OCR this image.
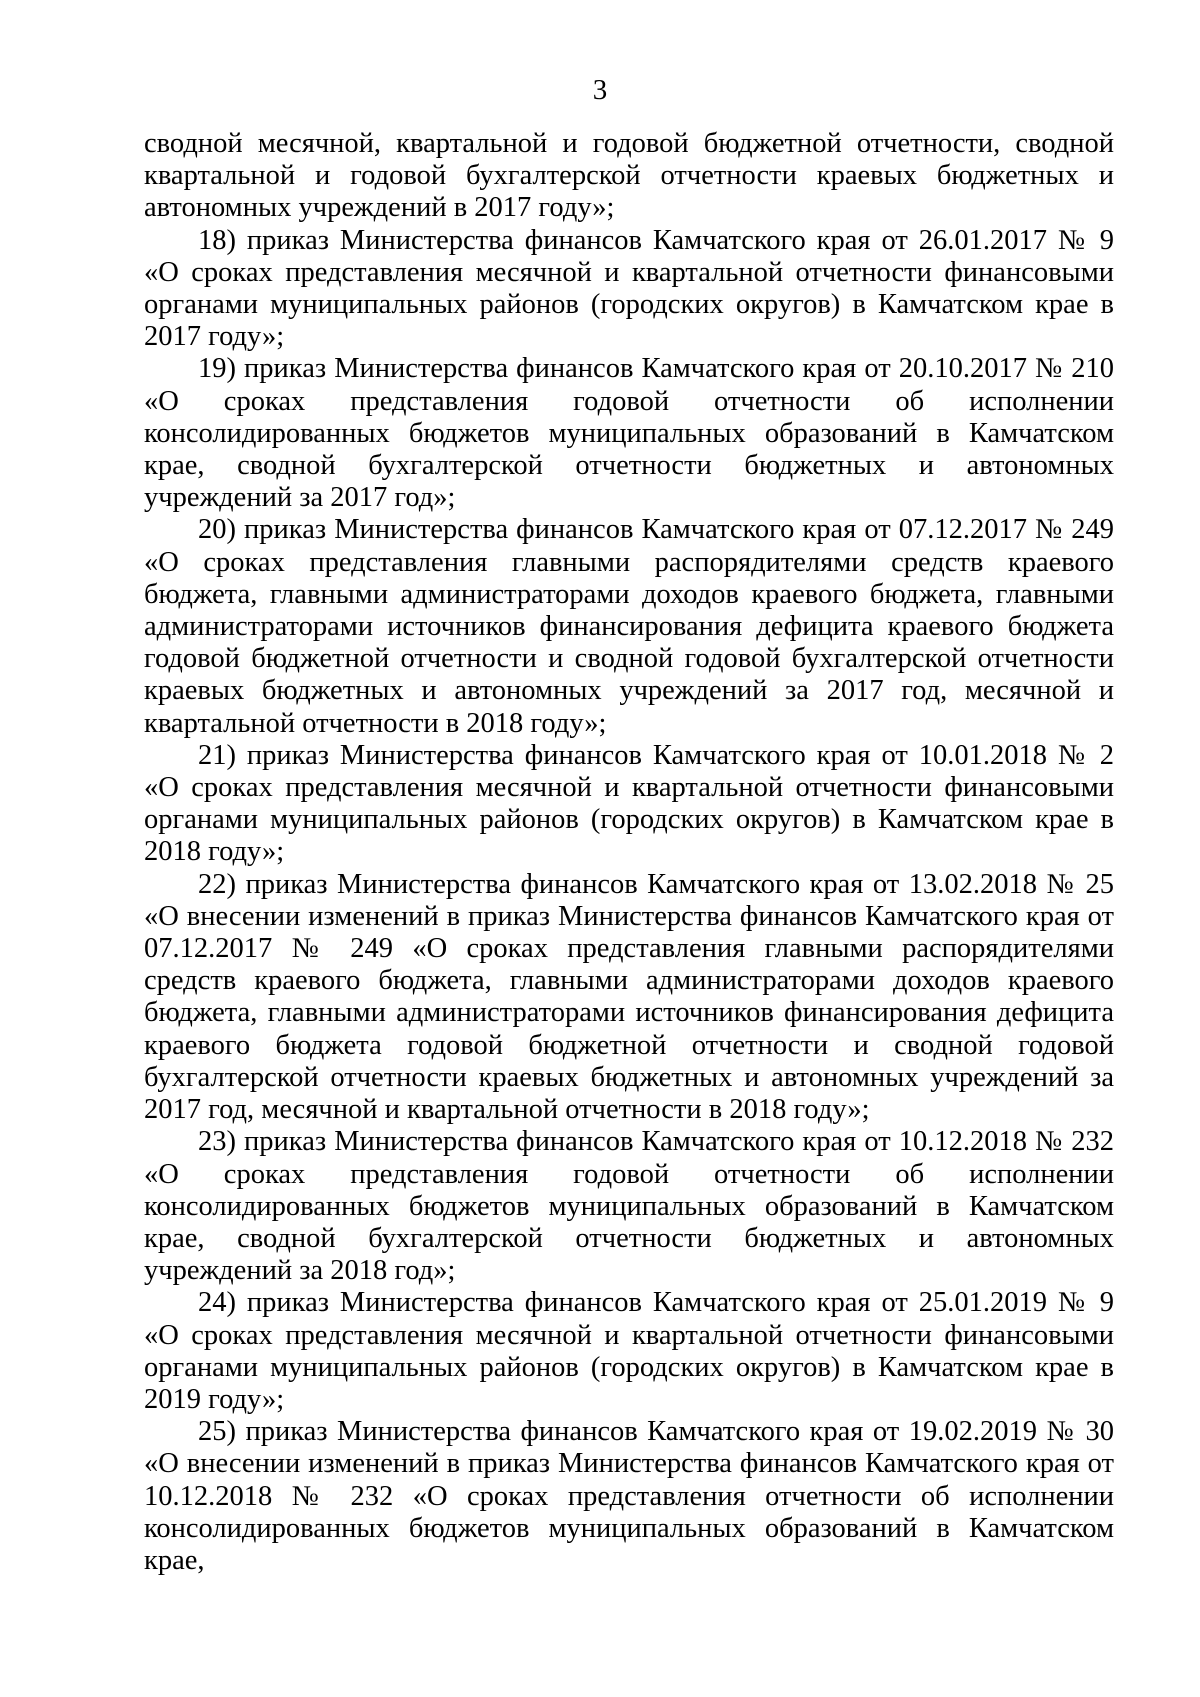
3

сводной месячной, квартальной и годовой бюджетной отчетности, сводной квартальной и годовой бухгалтерской отчетности краевых бюджетных и автономных учреждений в 2017 году»;

18) приказ Министерства финансов Камчатского края от 26.01.2017 № 9 «О сроках представления месячной и квартальной отчетности финансовыми органами муниципальных районов (городских округов) в Камчатском крае в 2017 году»;

19) приказ Министерства финансов Камчатского края от 20.10.2017 № 210 «О сроках представления годовой отчетности об исполнении консолидированных бюджетов муниципальных образований в Камчатском крае, сводной бухгалтерской отчетности бюджетных и автономных учреждений за 2017 год»;

20) приказ Министерства финансов Камчатского края от 07.12.2017 № 249 «О сроках представления главными распорядителями средств краевого бюджета, главными администраторами доходов краевого бюджета, главными администраторами источников финансирования дефицита краевого бюджета годовой бюджетной отчетности и сводной годовой бухгалтерской отчетности краевых бюджетных и автономных учреждений за 2017 год, месячной и квартальной отчетности в 2018 году»;

21) приказ Министерства финансов Камчатского края от 10.01.2018 № 2 «О сроках представления месячной и квартальной отчетности финансовыми органами муниципальных районов (городских округов) в Камчатском крае в 2018 году»;

22) приказ Министерства финансов Камчатского края от 13.02.2018 № 25 «О внесении изменений в приказ Министерства финансов Камчатского края от 07.12.2017 № 249 «О сроках представления главными распорядителями средств краевого бюджета, главными администраторами доходов краевого бюджета, главными администраторами источников финансирования дефицита краевого бюджета годовой бюджетной отчетности и сводной годовой бухгалтерской отчетности краевых бюджетных и автономных учреждений за 2017 год, месячной и квартальной отчетности в 2018 году»;

23) приказ Министерства финансов Камчатского края от 10.12.2018 № 232 «О сроках представления годовой отчетности об исполнении консолидированных бюджетов муниципальных образований в Камчатском крае, сводной бухгалтерской отчетности бюджетных и автономных учреждений за 2018 год»;

24) приказ Министерства финансов Камчатского края от 25.01.2019 № 9 «О сроках представления месячной и квартальной отчетности финансовыми органами муниципальных районов (городских округов) в Камчатском крае в 2019 году»;

25) приказ Министерства финансов Камчатского края от 19.02.2019 № 30 «О внесении изменений в приказ Министерства финансов Камчатского края от 10.12.2018 № 232 «О сроках представления отчетности об исполнении консолидированных бюджетов муниципальных образований в Камчатском крае,
